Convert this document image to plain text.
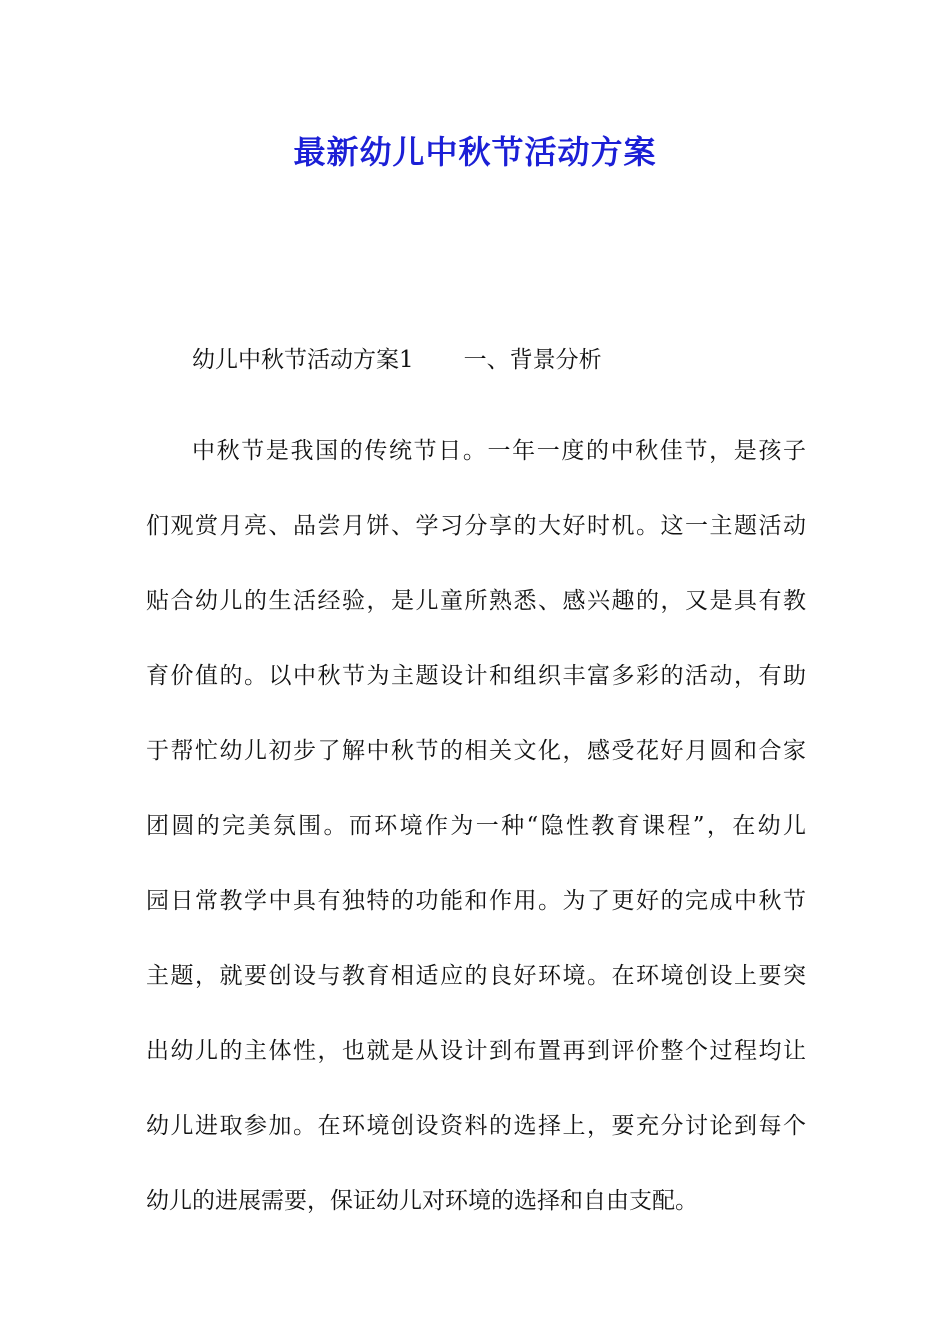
最新幼儿中秋节活动方案
幼儿中秋节活动方案1 一、背景分析
中秋节是我国的传统节日。一年一度的中秋佳节，是孩子
们观赏月亮、品尝月饼、学习分享的大好时机。这一主题活动
贴合幼儿的生活经验，是儿童所熟悉、感兴趣的，又是具有教
育价值的。以中秋节为主题设计和组织丰富多彩的活动，有助
于帮忙幼儿初步了解中秋节的相关文化，感受花好月圆和合家
团圆的完美氛围。而环境作为一种“隐性教育课程”，在幼儿
园日常教学中具有独特的功能和作用。为了更好的完成中秋节
主题，就要创设与教育相适应的良好环境。在环境创设上要突
出幼儿的主体性，也就是从设计到布置再到评价整个过程均让
幼儿进取参加。在环境创设资料的选择上，要充分讨论到每个
幼儿的进展需要，保证幼儿对环境的选择和自由支配。
